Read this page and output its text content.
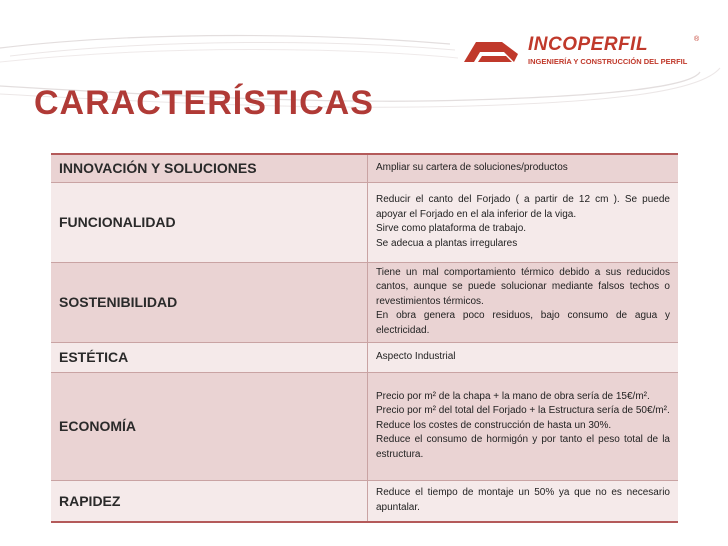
INCOPERFIL	®
INGENIERÍA Y CONSTRUCCIÓN DEL PERFIL
CARACTERÍSTICAS
INNOVACIÓN Y SOLUCIONES	Ampliar su cartera de soluciones/productos

FUNCIONALIDAD	Reducir el canto del Forjado ( a partir de 12 cm ). Se puede apoyar el Forjado en el ala inferior de la viga.
Sirve como plataforma de trabajo.
Se adecua a plantas irregulares

SOSTENIBILIDAD	Tiene un mal comportamiento térmico debido a sus reducidos cantos, aunque se puede solucionar mediante falsos techos o revestimientos térmicos.
En obra genera poco residuos, bajo consumo de agua y electricidad.

ESTÉTICA	Aspecto Industrial

ECONOMÍA	Precio por m² de la chapa + la mano de obra sería de 15€/m².
Precio por m² del total del Forjado + la Estructura sería de 50€/m².
Reduce los costes de construcción de hasta un 30%.
Reduce el consumo de hormigón y por tanto el peso total de la estructura.

RAPIDEZ	Reduce el tiempo de montaje un 50% ya que no es necesario apuntalar.
